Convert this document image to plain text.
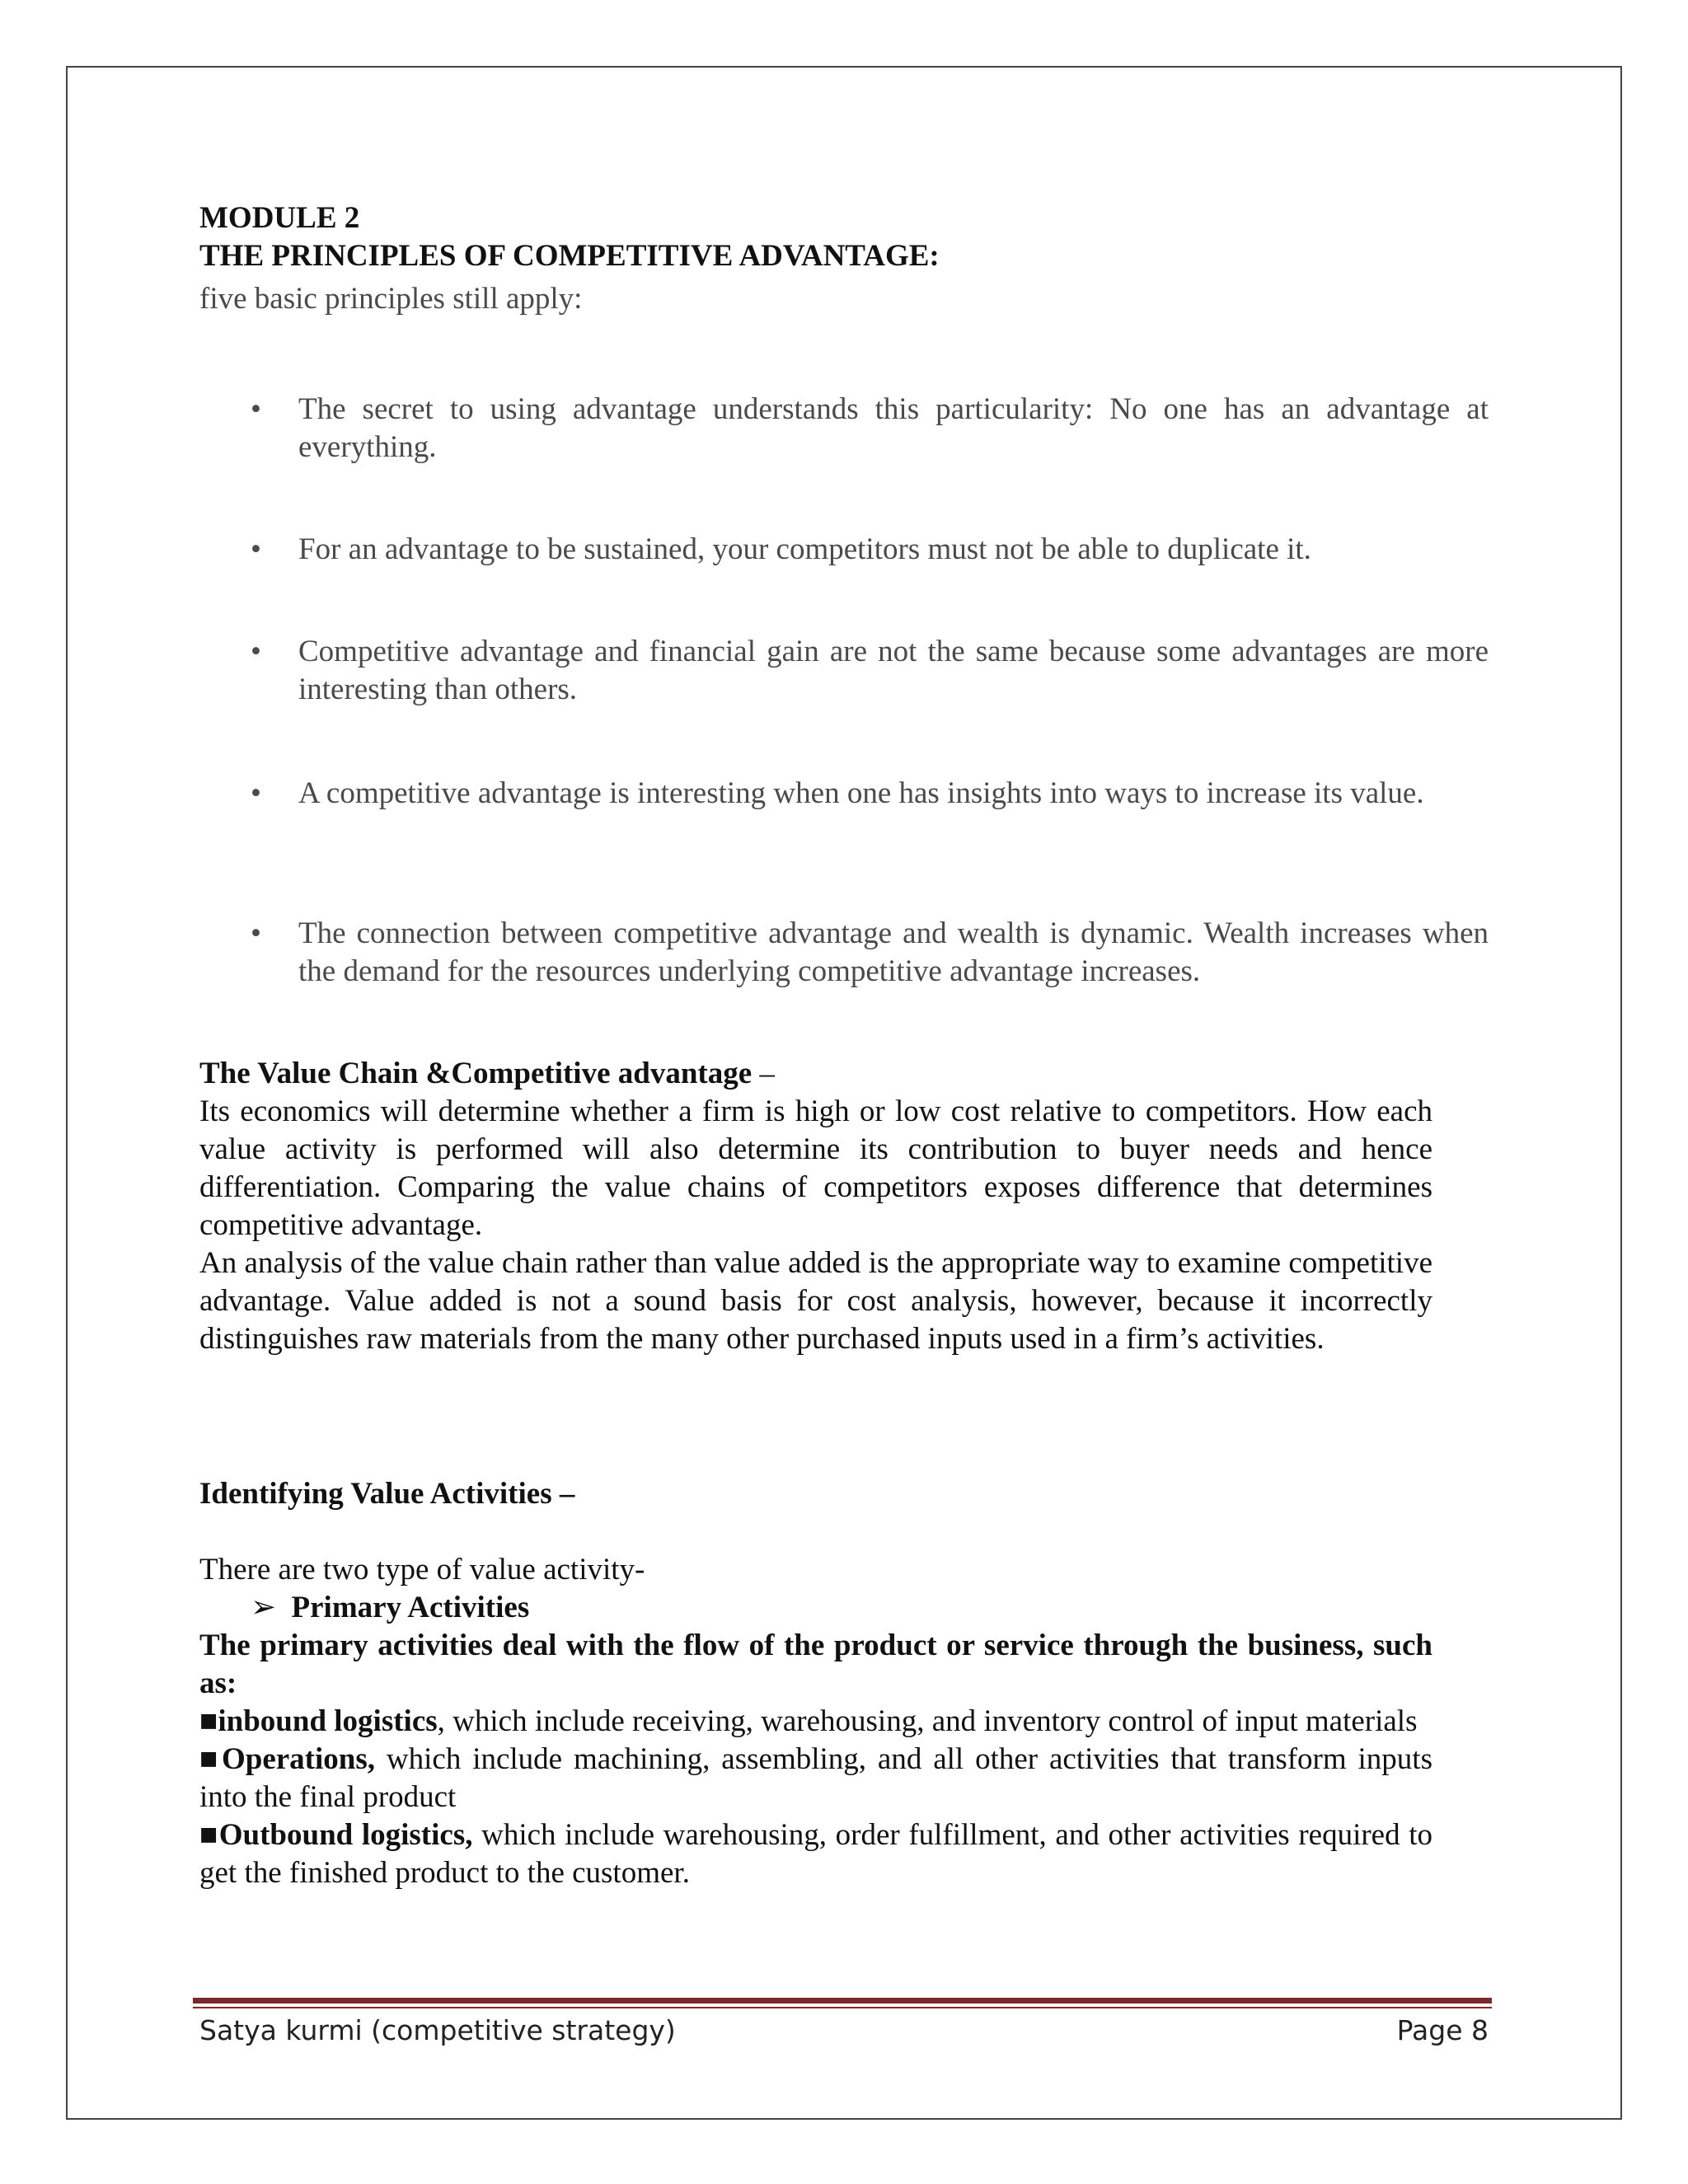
MODULE 2
THE PRINCIPLES OF COMPETITIVE ADVANTAGE:

five basic principles still apply:

• The secret to using advantage understands this particularity: No one has an advantage at everything.
• For an advantage to be sustained, your competitors must not be able to duplicate it.
• Competitive advantage and financial gain are not the same because some advantages are more interesting than others.
• A competitive advantage is interesting when one has insights into ways to increase its value.
• The connection between competitive advantage and wealth is dynamic. Wealth increases when the demand for the resources underlying competitive advantage increases.

The Value Chain &Competitive advantage –

Its economics will determine whether a firm is high or low cost relative to competitors. How each value activity is performed will also determine its contribution to buyer needs and hence differentiation. Comparing the value chains of competitors exposes difference that determines competitive advantage.

An analysis of the value chain rather than value added is the appropriate way to examine competitive advantage. Value added is not a sound basis for cost analysis, however, because it incorrectly distinguishes raw materials from the many other purchased inputs used in a firm’s activities.

Identifying Value Activities –

There are two type of value activity-

➢ Primary Activities

The primary activities deal with the flow of the product or service through the business, such as:

■inbound logistics, which include receiving, warehousing, and inventory control of input materials

■Operations, which include machining, assembling, and all other activities that transform inputs into the final product

■Outbound logistics, which include warehousing, order fulfillment, and other activities required to get the finished product to the customer.

Satya kurmi (competitive strategy)	Page 8
